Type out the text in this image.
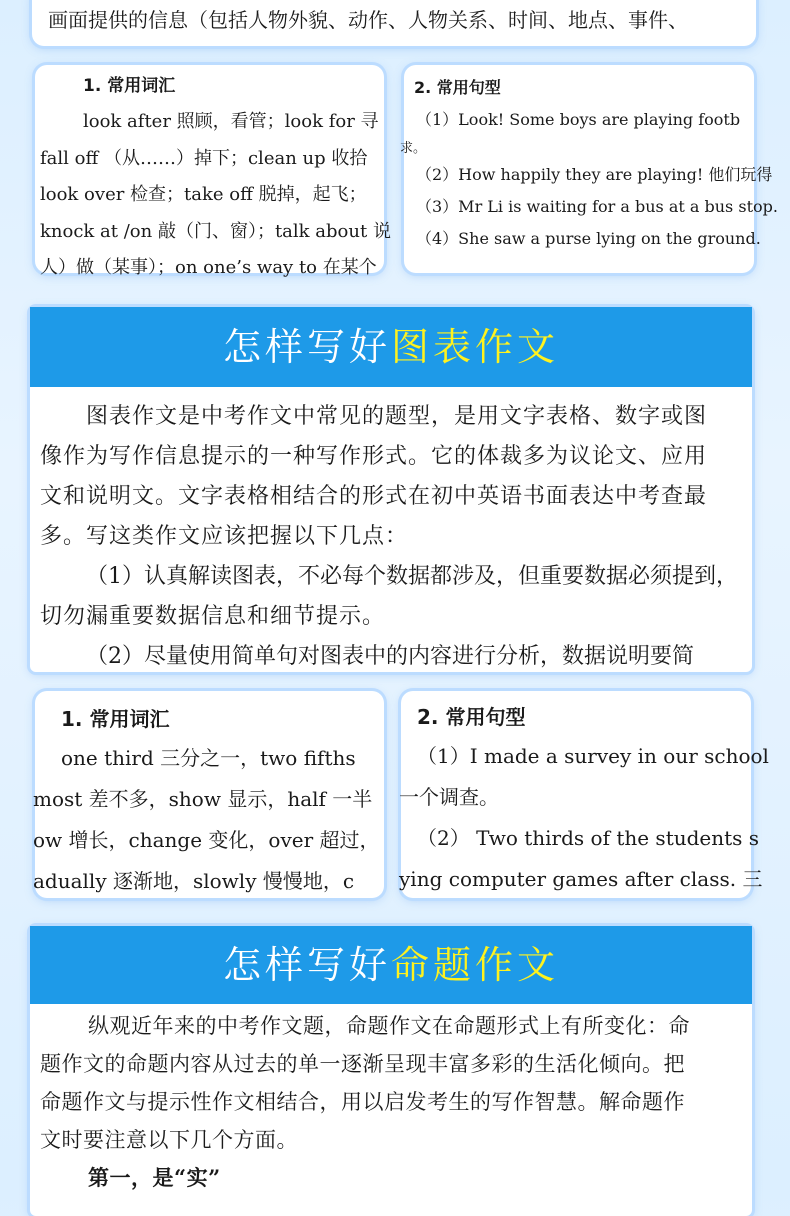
画面提供的信息（包括人物外貌、动作、人物关系、时间、地点、事件、
1. 常用词汇
look after 照顾，看管；look for 寻
fall off （从……）掉下；clean up 收拾
look over 检查；take off 脱掉，起飞；
knock at /on 敲（门、窗）；talk about 说
人）做（某事）；on one’s way to 在某个
2. 常用句型
（1）Look! Some boys are playing footb
求。
（2）How happily they are playing! 他们玩得
（3）Mr Li is waiting for a bus at a bus stop.
（4）She saw a purse lying on the ground.
怎样写好图表作文
图表作文是中考作文中常见的题型，是用文字表格、数字或图
像作为写作信息提示的一种写作形式。它的体裁多为议论文、应用
文和说明文。文字表格相结合的形式在初中英语书面表达中考查最
多。写这类作文应该把握以下几点：
（1）认真解读图表，不必每个数据都涉及，但重要数据必须提到，
切勿漏重要数据信息和细节提示。
（2）尽量使用简单句对图表中的内容进行分析，数据说明要简
1. 常用词汇
one third 三分之一，two fifths
most 差不多，show 显示，half 一半
ow 增长，change 变化，over 超过，
adually 逐渐地，slowly 慢慢地，c
2. 常用句型
（1）I made a survey in our school
一个调查。
（2） Two thirds of the students s
ying computer games after class. 三
怎样写好命题作文
纵观近年来的中考作文题，命题作文在命题形式上有所变化：命
题作文的命题内容从过去的单一逐渐呈现丰富多彩的生活化倾向。把
命题作文与提示性作文相结合，用以启发考生的写作智慧。解命题作
文时要注意以下几个方面。
第一，是“实”
